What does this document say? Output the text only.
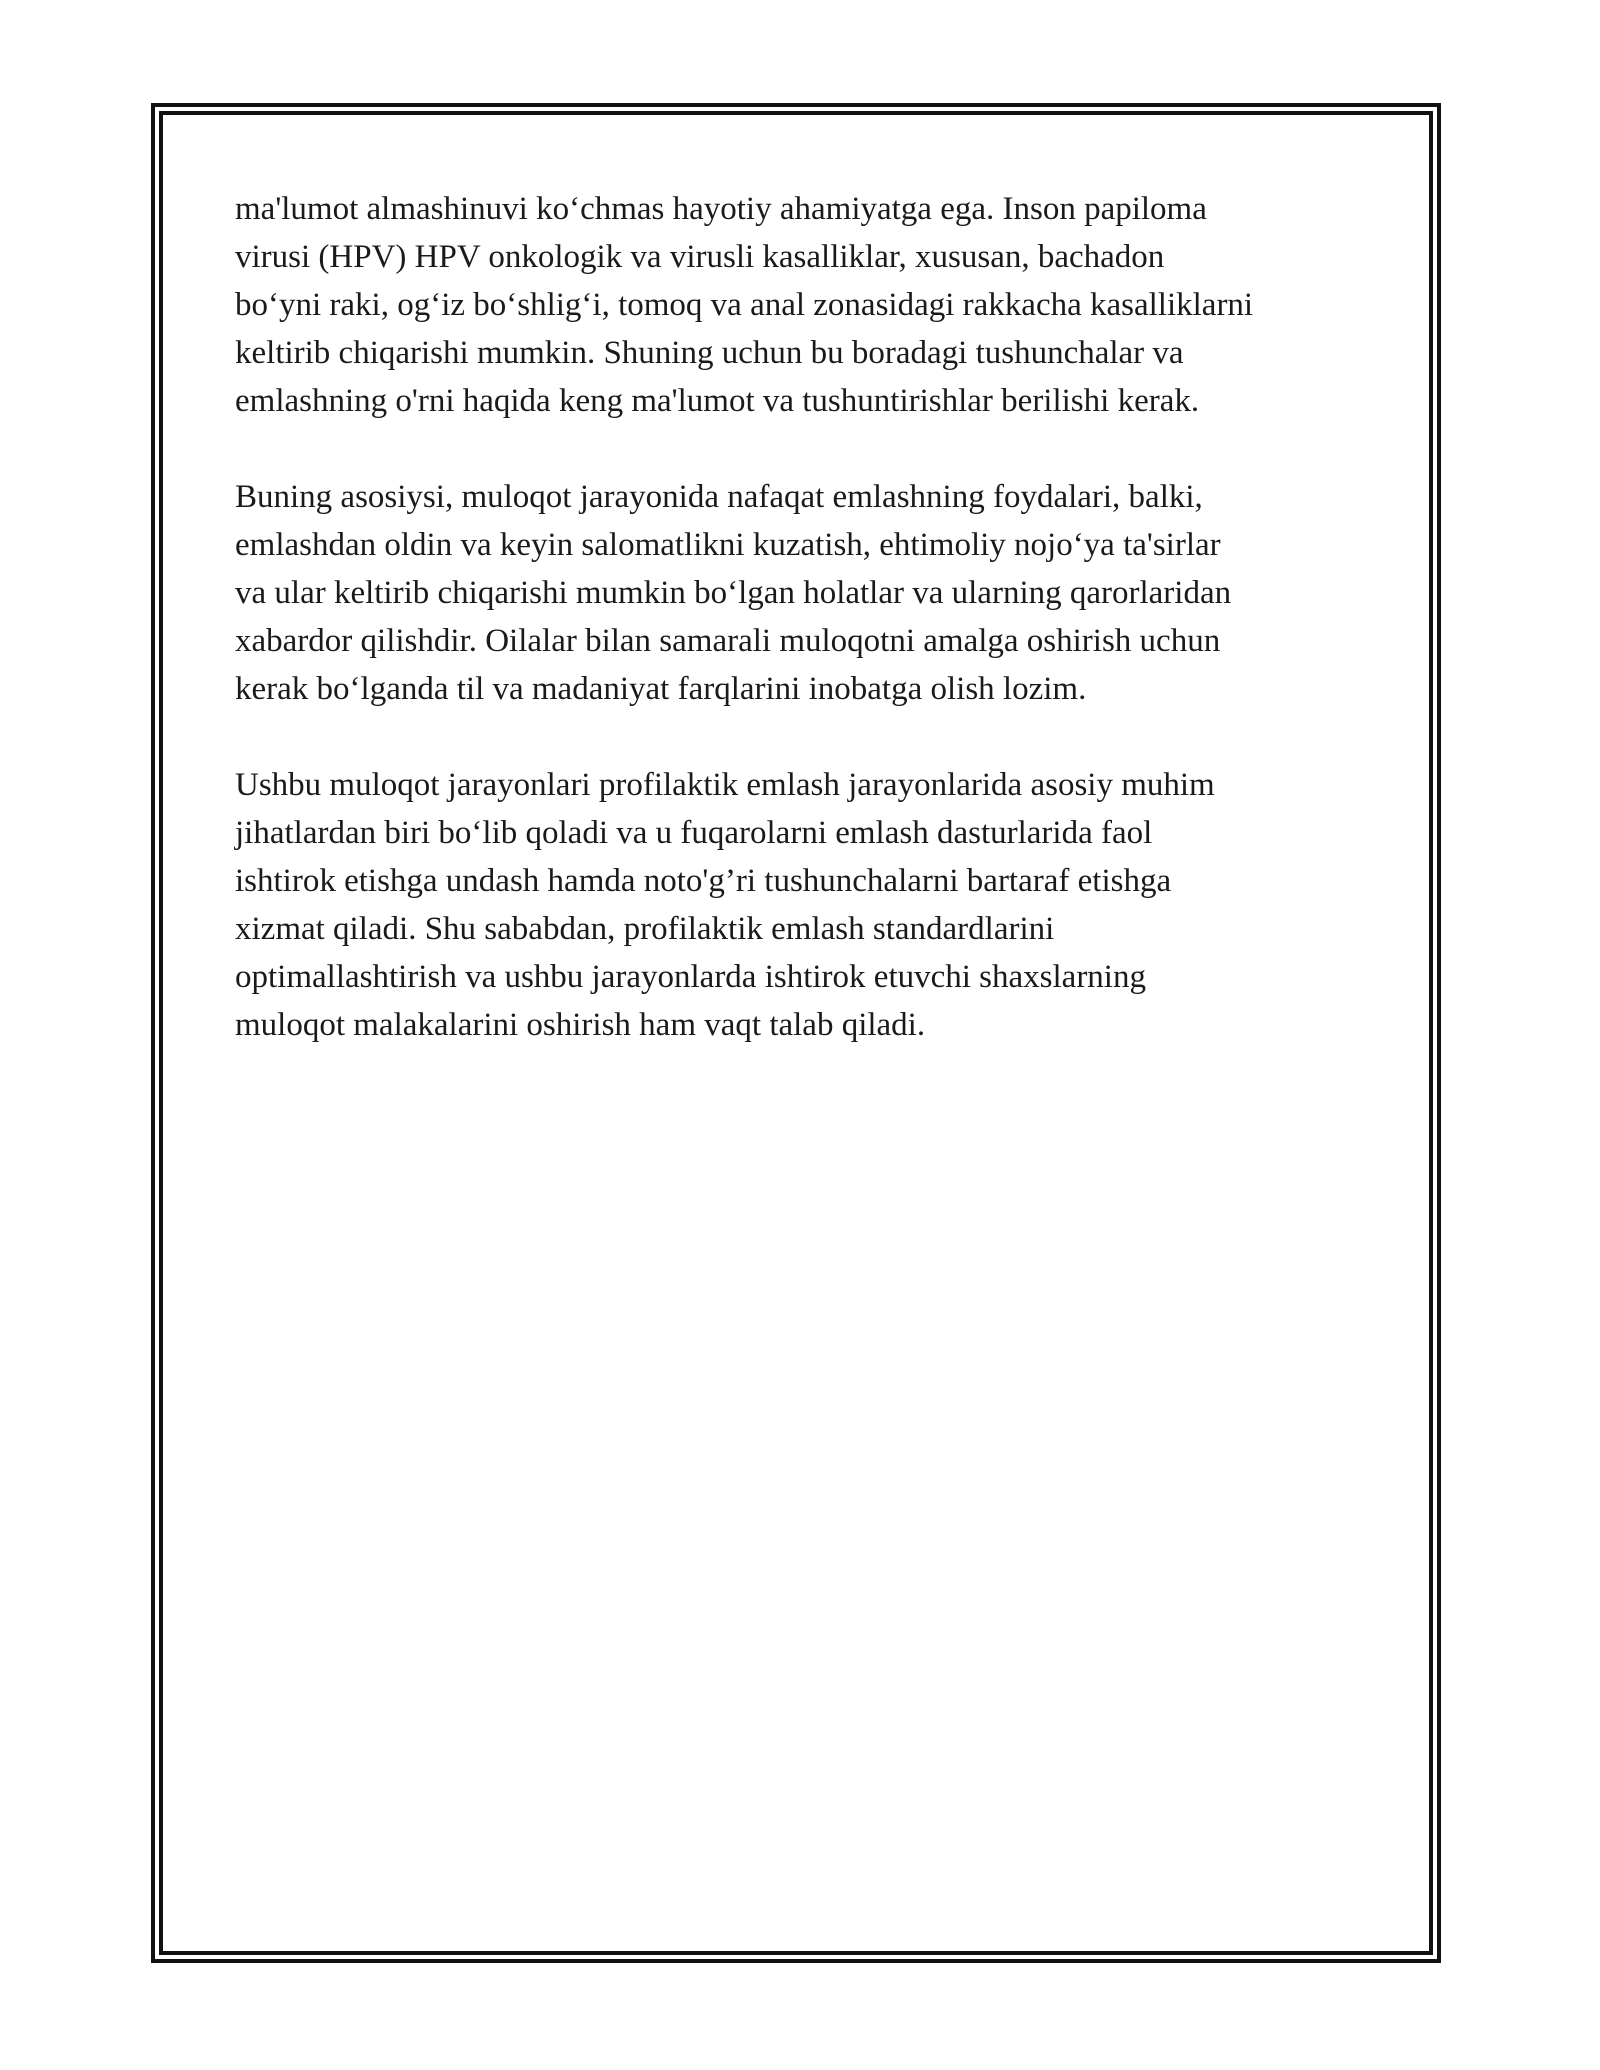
ma'lumot almashinuvi ko‘chmas hayotiy ahamiyatga ega. Inson papiloma
virusi (HPV) HPV onkologik va virusli kasalliklar, xususan, bachadon
bo‘yni raki, og‘iz bo‘shlig‘i, tomoq va anal zonasidagi rakkacha kasalliklarni
keltirib chiqarishi mumkin. Shuning uchun bu boradagi tushunchalar va
emlashning o'rni haqida keng ma'lumot va tushuntirishlar berilishi kerak.

Buning asosiysi, muloqot jarayonida nafaqat emlashning foydalari, balki,
emlashdan oldin va keyin salomatlikni kuzatish, ehtimoliy nojo‘ya ta'sirlar
va ular keltirib chiqarishi mumkin bo‘lgan holatlar va ularning qarorlaridan
xabardor qilishdir. Oilalar bilan samarali muloqotni amalga oshirish uchun
kerak bo‘lganda til va madaniyat farqlarini inobatga olish lozim.

Ushbu muloqot jarayonlari profilaktik emlash jarayonlarida asosiy muhim
jihatlardan biri bo‘lib qoladi va u fuqarolarni emlash dasturlarida faol
ishtirok etishga undash hamda noto'g’ri tushunchalarni bartaraf etishga
xizmat qiladi. Shu sababdan, profilaktik emlash standardlarini
optimallashtirish va ushbu jarayonlarda ishtirok etuvchi shaxslarning
muloqot malakalarini oshirish ham vaqt talab qiladi.
